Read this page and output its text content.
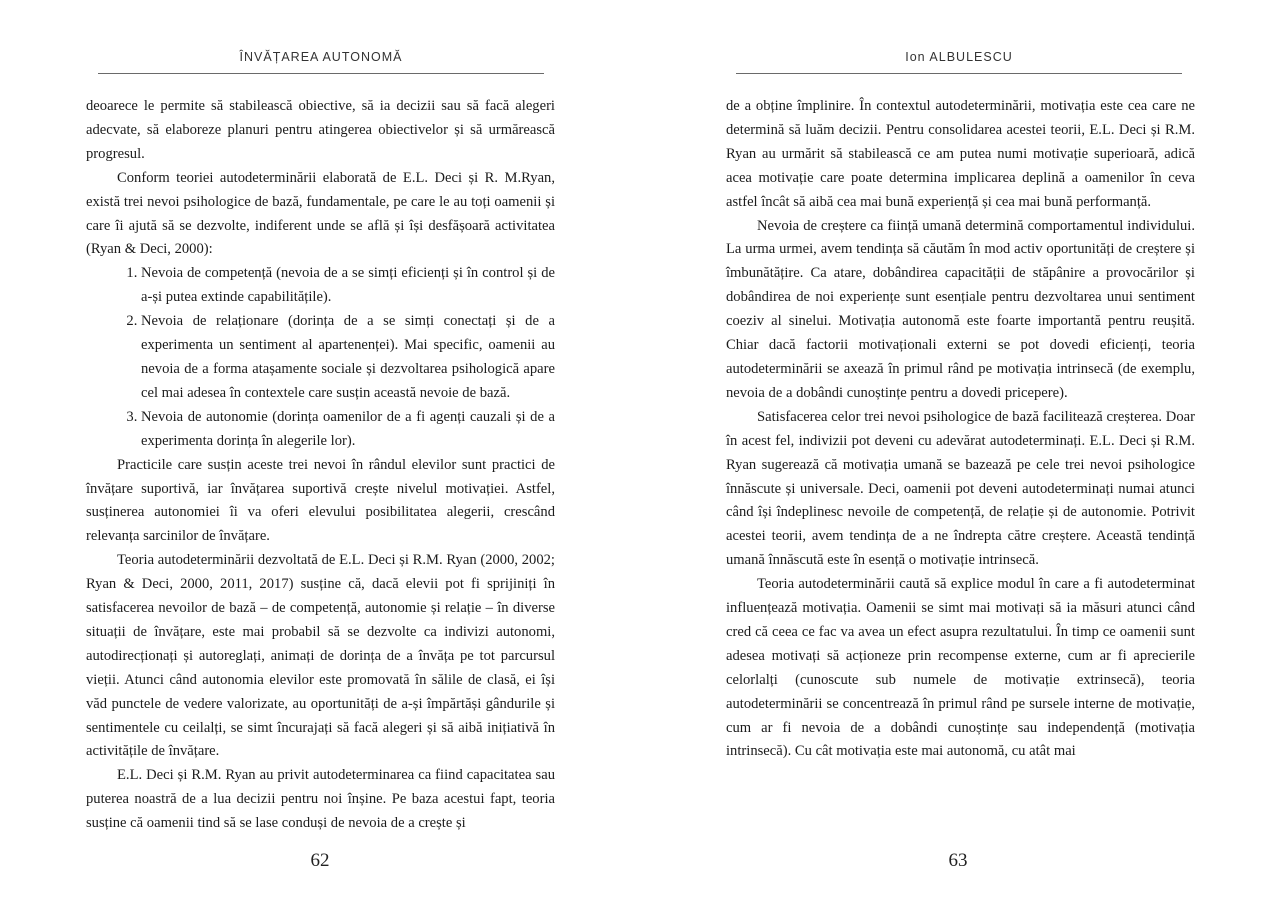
ÎNVĂȚAREA AUTONOMĂ

deoarece le permite să stabilească obiective, să ia decizii sau să facă alegeri adecvate, să elaboreze planuri pentru atingerea obiectivelor și să urmărească progresul.

Conform teoriei autodeterminării elaborată de E.L. Deci și R. M.Ryan, există trei nevoi psihologice de bază, fundamentale, pe care le au toți oamenii și care îi ajută să se dezvolte, indiferent unde se află și își desfășoară activitatea (Ryan & Deci, 2000):

1. Nevoia de competență (nevoia de a se simți eficienți și în control și de a-și putea extinde capabilitățile).
2. Nevoia de relaționare (dorința de a se simți conectați și de a experimenta un sentiment al apartenenței). Mai specific, oamenii au nevoia de a forma atașamente sociale și dezvoltarea psihologică apare cel mai adesea în contextele care susțin această nevoie de bază.
3. Nevoia de autonomie (dorința oamenilor de a fi agenți cauzali și de a experimenta dorința în alegerile lor).

Practicile care susțin aceste trei nevoi în rândul elevilor sunt practici de învățare suportivă, iar învățarea suportivă crește nivelul motivației. Astfel, susținerea autonomiei îi va oferi elevului posibilitatea alegerii, crescând relevanța sarcinilor de învățare.

Teoria autodeterminării dezvoltată de E.L. Deci și R.M. Ryan (2000, 2002; Ryan & Deci, 2000, 2011, 2017) susține că, dacă elevii pot fi sprijiniți în satisfacerea nevoilor de bază – de competență, autonomie și relație – în diverse situații de învățare, este mai probabil să se dezvolte ca indivizi autonomi, autodirecționați și autoreglați, animați de dorința de a învăța pe tot parcursul vieții. Atunci când autonomia elevilor este promovată în sălile de clasă, ei își văd punctele de vedere valorizate, au oportunități de a-și împărtăși gândurile și sentimentele cu ceilalți, se simt încurajați să facă alegeri și să aibă inițiativă în activitățile de învățare.

E.L. Deci și R.M. Ryan au privit autodeterminarea ca fiind capacitatea sau puterea noastră de a lua decizii pentru noi înșine. Pe baza acestui fapt, teoria susține că oamenii tind să se lase conduși de nevoia de a crește și

62
Ion ALBULESCU

de a obține împlinire. În contextul autodeterminării, motivația este cea care ne determină să luăm decizii. Pentru consolidarea acestei teorii, E.L. Deci și R.M. Ryan au urmărit să stabilească ce am putea numi motivație superioară, adică acea motivație care poate determina implicarea deplină a oamenilor în ceva astfel încât să aibă cea mai bună experiență și cea mai bună performanță.

Nevoia de creștere ca ființă umană determină comportamentul individului. La urma urmei, avem tendința să căutăm în mod activ oportunități de creștere și îmbunătățire. Ca atare, dobândirea capacității de stăpânire a provocărilor și dobândirea de noi experiențe sunt esențiale pentru dezvoltarea unui sentiment coeziv al sinelui. Motivația autonomă este foarte importantă pentru reușită. Chiar dacă factorii motivaționali externi se pot dovedi eficienți, teoria autodeterminării se axează în primul rând pe motivația intrinsecă (de exemplu, nevoia de a dobândi cunoștințe pentru a dovedi pricepere).

Satisfacerea celor trei nevoi psihologice de bază facilitează creșterea. Doar în acest fel, indivizii pot deveni cu adevărat autodeterminați. E.L. Deci și R.M. Ryan sugerează că motivația umană se bazează pe cele trei nevoi psihologice înnăscute și universale. Deci, oamenii pot deveni autodeterminați numai atunci când își îndeplinesc nevoile de competență, de relație și de autonomie. Potrivit acestei teorii, avem tendința de a ne îndrepta către creștere. Această tendință umană înnăscută este în esență o motivație intrinsecă.

Teoria autodeterminării caută să explice modul în care a fi autodeterminat influențează motivația. Oamenii se simt mai motivați să ia măsuri atunci când cred că ceea ce fac va avea un efect asupra rezultatului. În timp ce oamenii sunt adesea motivați să acționeze prin recompense externe, cum ar fi aprecierile celorlalți (cunoscute sub numele de motivație extrinsecă), teoria autodeterminării se concentrează în primul rând pe sursele interne de motivație, cum ar fi nevoia de a dobândi cunoștințe sau independență (motivația intrinsecă). Cu cât motivația este mai autonomă, cu atât mai

63
